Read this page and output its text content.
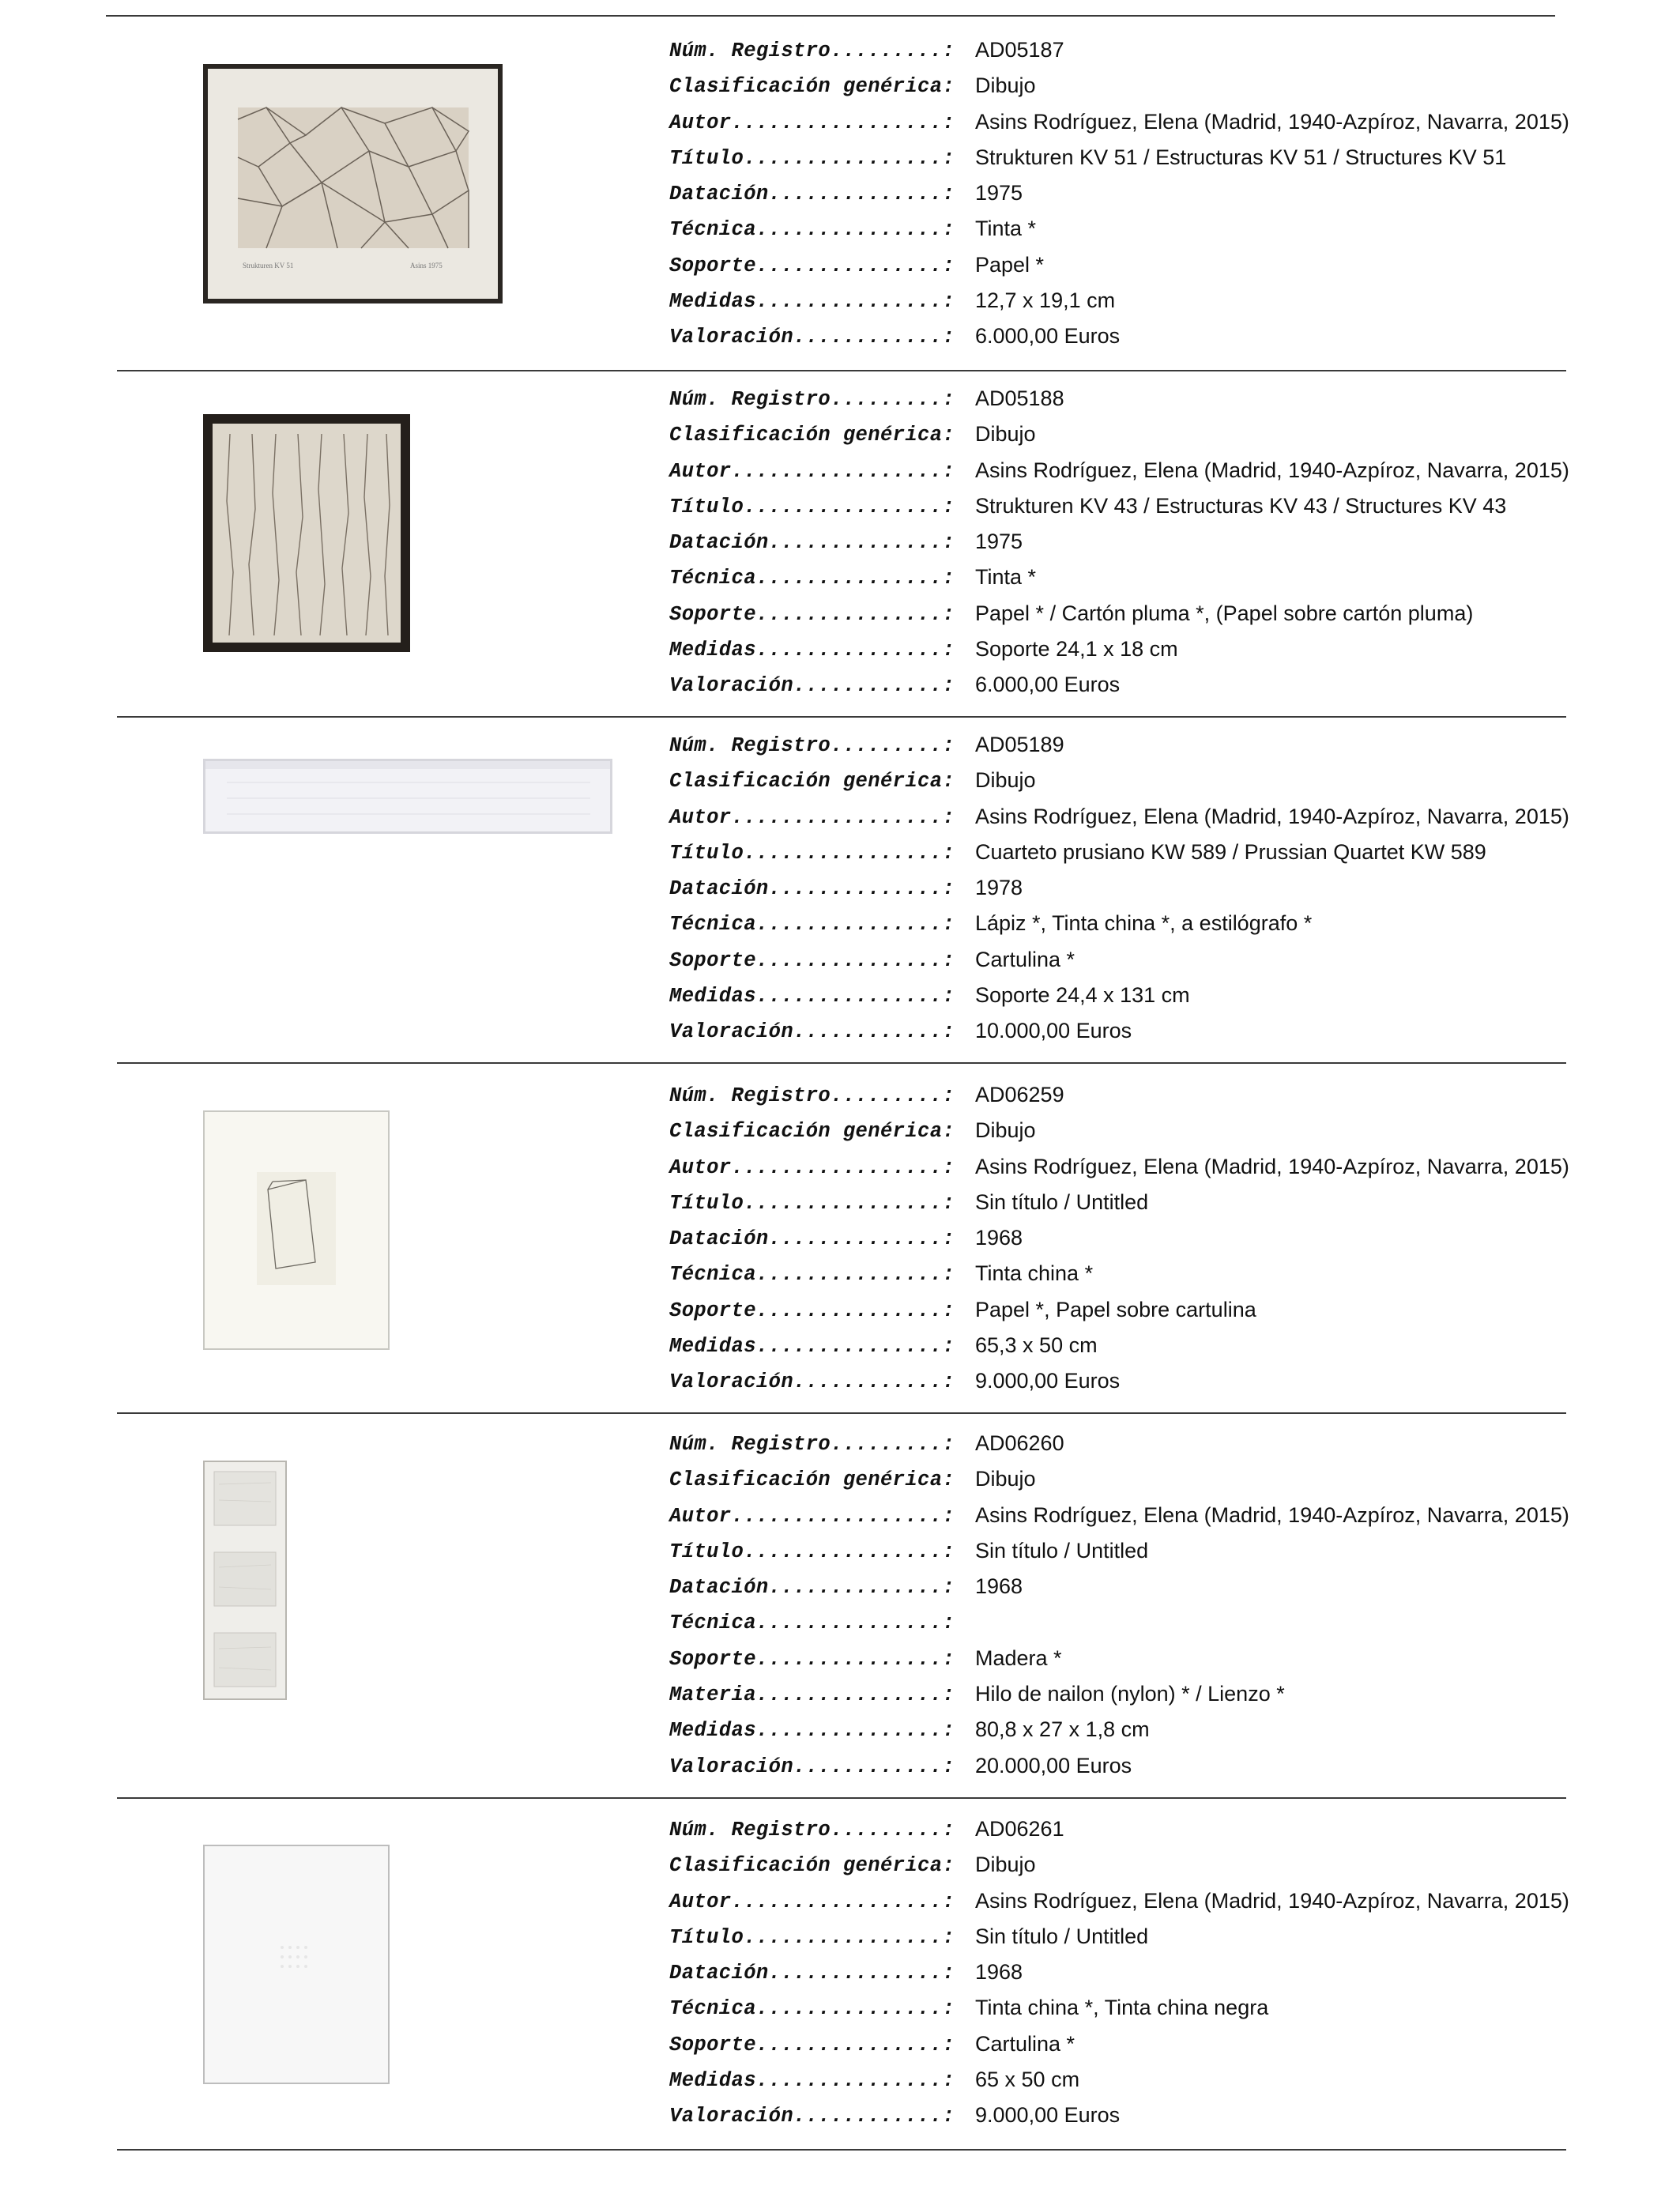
Strukturen KV 51	Asins 1975
Núm. Registro.........: AD05187
Clasificación genérica: Dibujo
Autor.................: Asins Rodríguez, Elena (Madrid, 1940-Azpíroz, Navarra, 2015)
Título................: Strukturen KV 51 / Estructuras KV 51 / Structures KV 51
Datación..............: 1975
Técnica...............: Tinta *
Soporte...............: Papel *
Medidas...............: 12,7 x 19,1 cm
Valoración............: 6.000,00 Euros
Núm. Registro.........: AD05188
Clasificación genérica: Dibujo
Autor.................: Asins Rodríguez, Elena (Madrid, 1940-Azpíroz, Navarra, 2015)
Título................: Strukturen KV 43 / Estructuras KV 43 / Structures KV 43
Datación..............: 1975
Técnica...............: Tinta *
Soporte...............: Papel * / Cartón pluma *, (Papel sobre cartón pluma)
Medidas...............: Soporte 24,1 x 18 cm
Valoración............: 6.000,00 Euros
Núm. Registro.........: AD05189
Clasificación genérica: Dibujo
Autor.................: Asins Rodríguez, Elena (Madrid, 1940-Azpíroz, Navarra, 2015)
Título................: Cuarteto prusiano KW 589 / Prussian Quartet KW 589
Datación..............: 1978
Técnica...............: Lápiz *, Tinta china *, a estilógrafo *
Soporte...............: Cartulina *
Medidas...............: Soporte 24,4 x 131 cm
Valoración............: 10.000,00 Euros
Núm. Registro.........: AD06259
Clasificación genérica: Dibujo
Autor.................: Asins Rodríguez, Elena (Madrid, 1940-Azpíroz, Navarra, 2015)
Título................: Sin título / Untitled
Datación..............: 1968
Técnica...............: Tinta china *
Soporte...............: Papel *, Papel sobre cartulina
Medidas...............: 65,3 x 50 cm
Valoración............: 9.000,00 Euros
Núm. Registro.........: AD06260
Clasificación genérica: Dibujo
Autor.................: Asins Rodríguez, Elena (Madrid, 1940-Azpíroz, Navarra, 2015)
Título................: Sin título / Untitled
Datación..............: 1968
Técnica...............:
Soporte...............: Madera *
Materia...............: Hilo de nailon (nylon) * / Lienzo *
Medidas...............: 80,8 x 27 x 1,8 cm
Valoración............: 20.000,00 Euros
Núm. Registro.........: AD06261
Clasificación genérica: Dibujo
Autor.................: Asins Rodríguez, Elena (Madrid, 1940-Azpíroz, Navarra, 2015)
Título................: Sin título / Untitled
Datación..............: 1968
Técnica...............: Tinta china *, Tinta china negra
Soporte...............: Cartulina *
Medidas...............: 65 x 50 cm
Valoración............: 9.000,00 Euros
